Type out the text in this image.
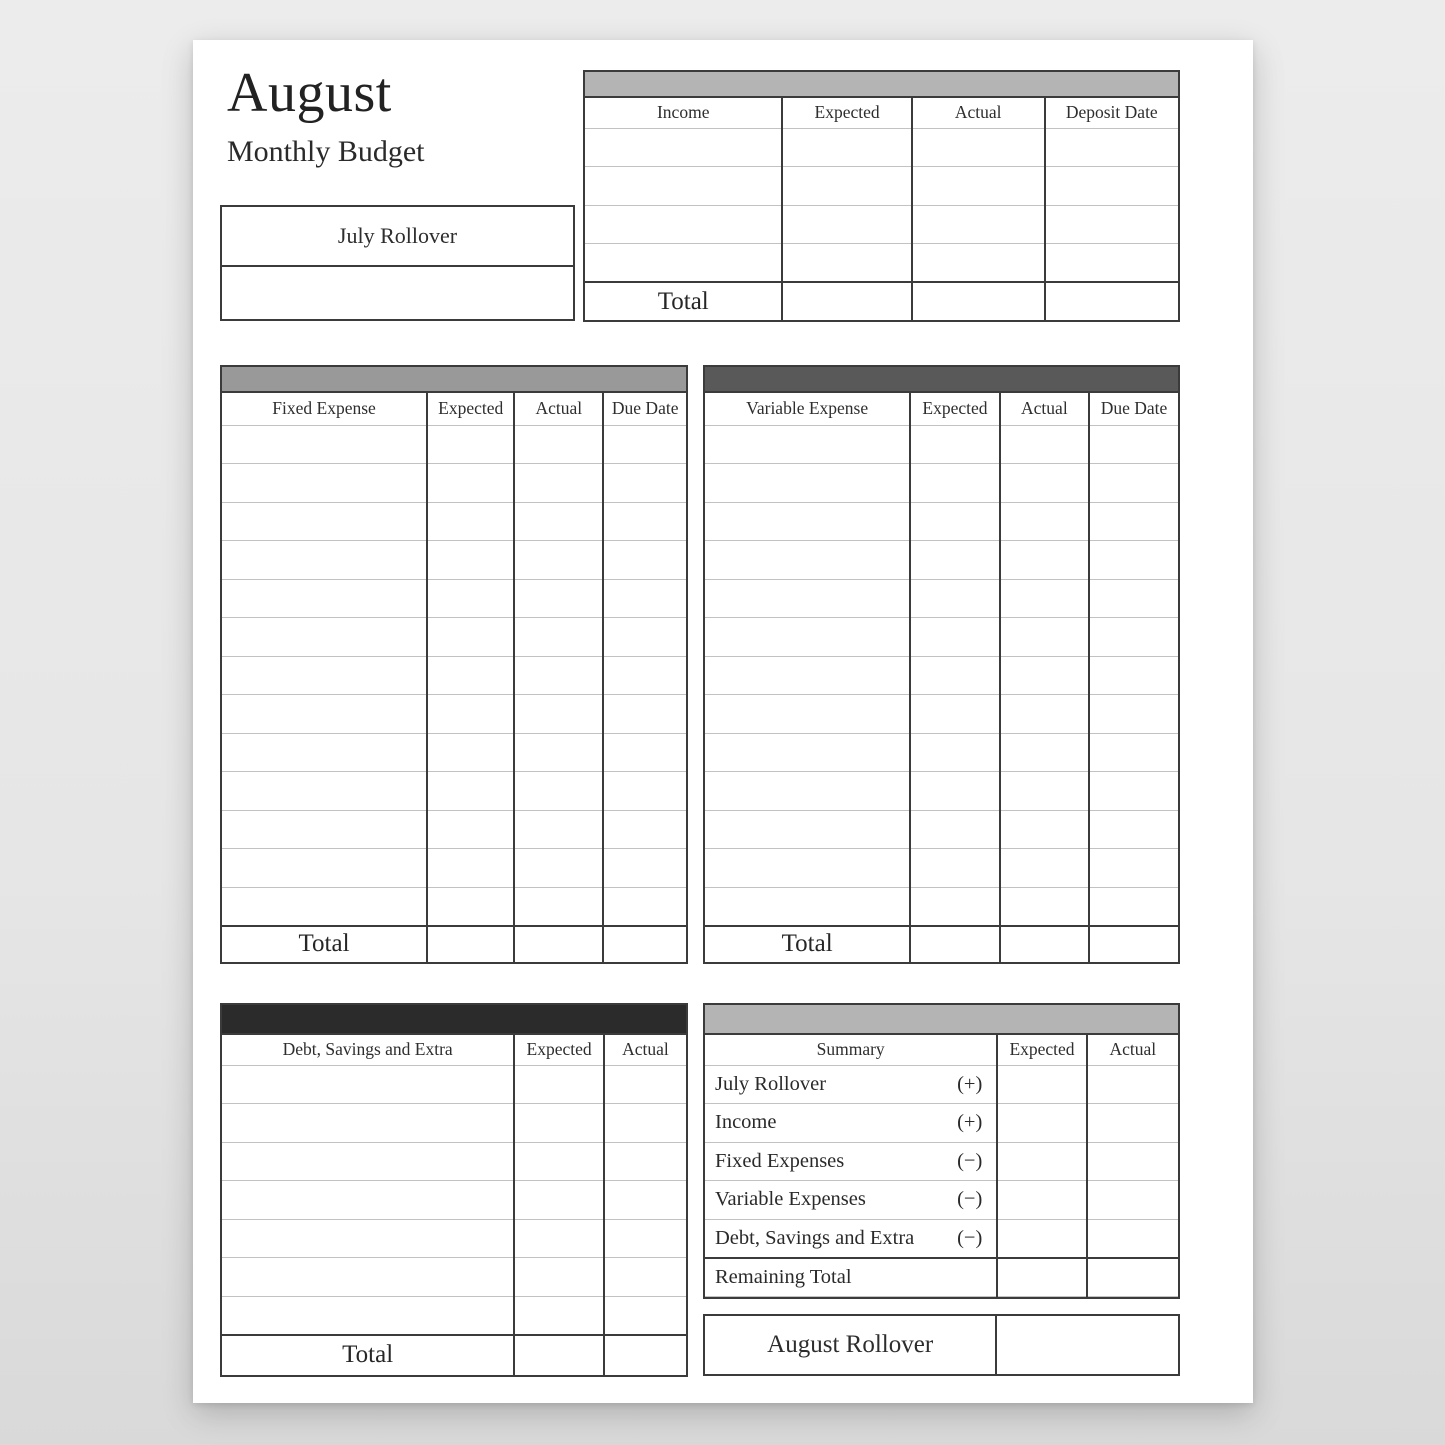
August
Monthly Budget
July Rollover
Income	Expected	Actual	Deposit Date

Total			
Fixed Expense	Expected	Actual	Due Date

Total			
Variable Expense	Expected	Actual	Due Date

Total			
Debt, Savings and Extra	Expected	Actual

Total		
Summary	Expected	Actual

July Rollover (+)		

Income (+)		

Fixed Expenses (−)		

Variable Expenses (−)		

Debt, Savings and Extra (−)		

Remaining Total		

August Rollover
